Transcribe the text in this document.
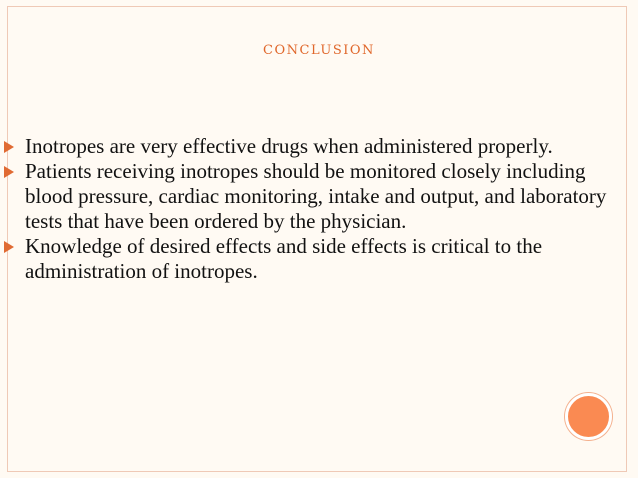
conclusion
Inotropes are very effective drugs when administered properly.
Patients receiving inotropes should be monitored closely including blood pressure, cardiac monitoring, intake and output, and laboratory tests that have been ordered by the physician.
Knowledge of desired effects and side effects is critical to the administration of inotropes.
